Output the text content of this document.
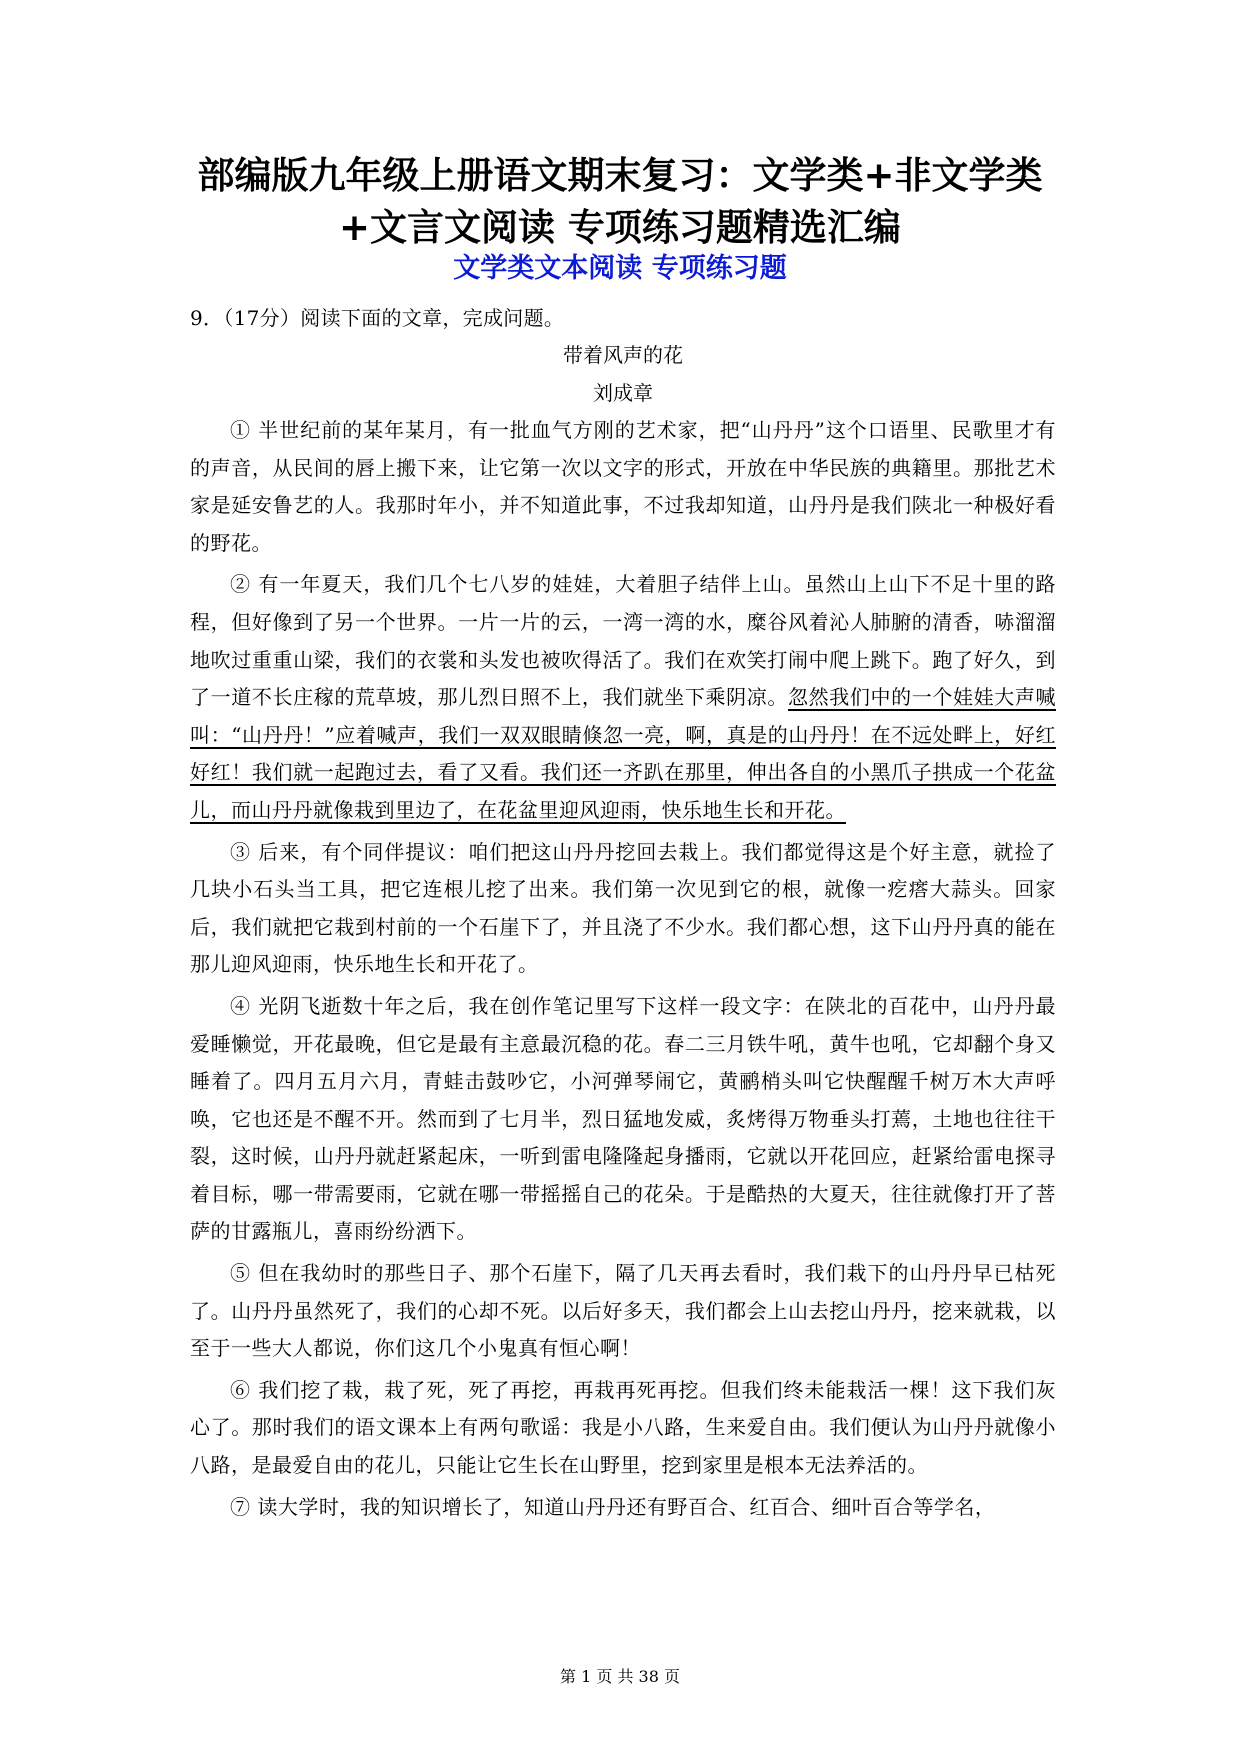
部编版九年级上册语文期末复习：文学类+非文学类
+文言文阅读 专项练习题精选汇编
文学类文本阅读 专项练习题
9．（17分）阅读下面的文章，完成问题。
带着风声的花
刘成章

① 半世纪前的某年某月，有一批血气方刚的艺术家，把“山丹丹”这个口语里、民歌里才有的声音，从民间的唇上搬下来，让它第一次以文字的形式，开放在中华民族的典籍里。那批艺术家是延安鲁艺的人。我那时年小，并不知道此事，不过我却知道，山丹丹是我们陕北一种极好看的野花。

② 有一年夏天，我们几个七八岁的娃娃，大着胆子结伴上山。虽然山上山下不足十里的路程，但好像到了另一个世界。一片一片的云，一湾一湾的水，糜谷风着沁人肺腑的清香，哧溜溜地吹过重重山梁，我们的衣裳和头发也被吹得活了。我们在欢笑打闹中爬上跳下。跑了好久，到了一道不长庄稼的荒草坡，那儿烈日照不上，我们就坐下乘阴凉。忽然我们中的一个娃娃大声喊叫：“山丹丹！”应着喊声，我们一双双眼睛倏忽一亮，啊，真是的山丹丹！在不远处畔上，好红好红！我们就一起跑过去，看了又看。我们还一齐趴在那里，伸出各自的小黑爪子拱成一个花盆儿，而山丹丹就像栽到里边了，在花盆里迎风迎雨，快乐地生长和开花。

③ 后来，有个同伴提议：咱们把这山丹丹挖回去栽上。我们都觉得这是个好主意，就捡了几块小石头当工具，把它连根儿挖了出来。我们第一次见到它的根，就像一疙瘩大蒜头。回家后，我们就把它栽到村前的一个石崖下了，并且浇了不少水。我们都心想，这下山丹丹真的能在那儿迎风迎雨，快乐地生长和开花了。

④ 光阴飞逝数十年之后，我在创作笔记里写下这样一段文字：在陕北的百花中，山丹丹最爱睡懒觉，开花最晚，但它是最有主意最沉稳的花。春二三月铁牛吼，黄牛也吼，它却翻个身又睡着了。四月五月六月，青蛙击鼓吵它，小河弹琴闹它，黄鹂梢头叫它快醒醒千树万木大声呼唤，它也还是不醒不开。然而到了七月半，烈日猛地发威，炙烤得万物垂头打蔫，土地也往往干裂，这时候，山丹丹就赶紧起床，一听到雷电隆隆起身播雨，它就以开花回应，赶紧给雷电探寻着目标，哪一带需要雨，它就在哪一带摇摇自己的花朵。于是酷热的大夏天，往往就像打开了菩萨的甘露瓶儿，喜雨纷纷洒下。

⑤ 但在我幼时的那些日子、那个石崖下，隔了几天再去看时，我们栽下的山丹丹早已枯死了。山丹丹虽然死了，我们的心却不死。以后好多天，我们都会上山去挖山丹丹，挖来就栽，以至于一些大人都说，你们这几个小鬼真有恒心啊！

⑥ 我们挖了栽，栽了死，死了再挖，再栽再死再挖。但我们终未能栽活一棵！这下我们灰心了。那时我们的语文课本上有两句歌谣：我是小八路，生来爱自由。我们便认为山丹丹就像小八路，是最爱自由的花儿，只能让它生长在山野里，挖到家里是根本无法养活的。

⑦ 读大学时，我的知识增长了，知道山丹丹还有野百合、红百合、细叶百合等学名，

第 1 页 共 38 页
